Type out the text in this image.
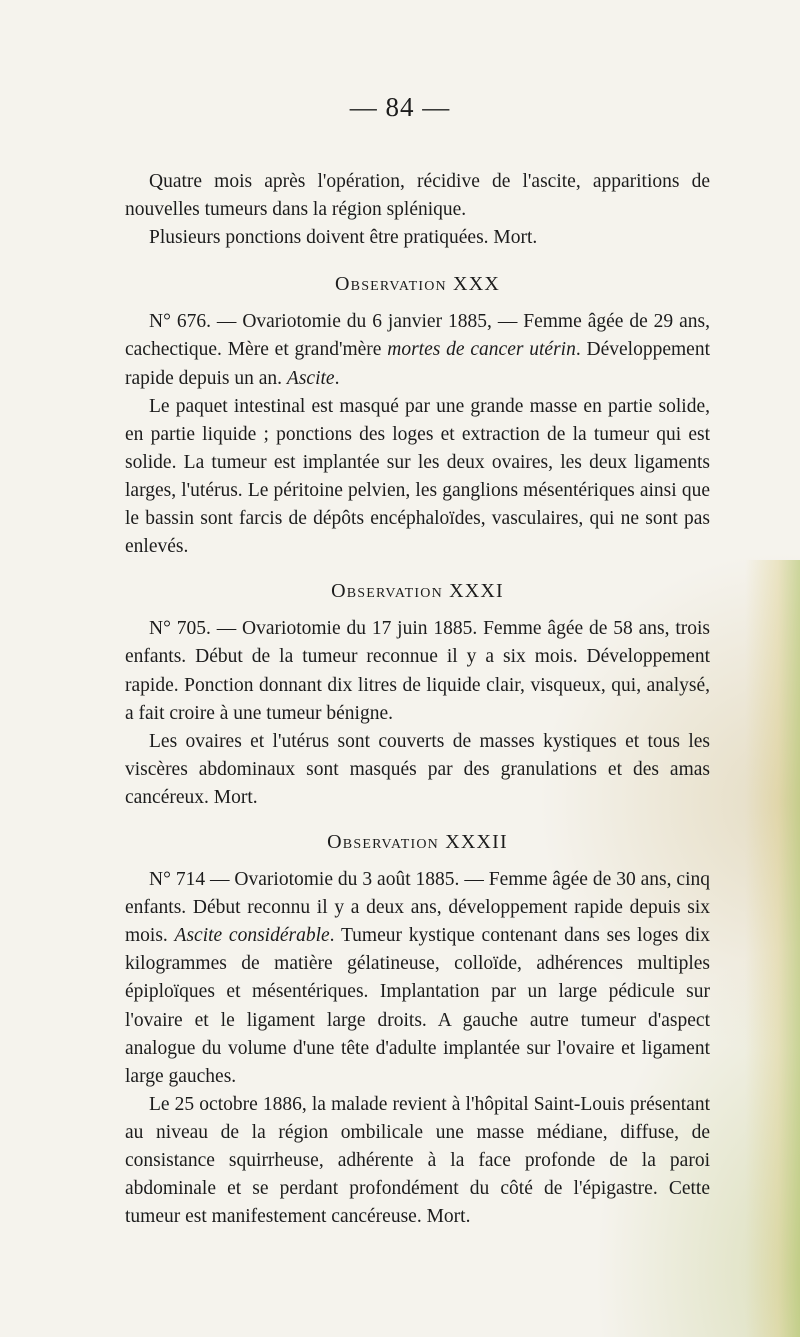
— 84 —

Quatre mois après l'opération, récidive de l'ascite, apparitions de nouvelles tumeurs dans la région splénique.

Plusieurs ponctions doivent être pratiquées. Mort.

Observation XXX

N° 676. — Ovariotomie du 6 janvier 1885, — Femme âgée de 29 ans, cachectique. Mère et grand'mère mortes de cancer utérin. Développement rapide depuis un an. Ascite.

Le paquet intestinal est masqué par une grande masse en partie solide, en partie liquide ; ponctions des loges et extraction de la tumeur qui est solide. La tumeur est implantée sur les deux ovaires, les deux ligaments larges, l'utérus. Le péritoine pelvien, les ganglions mésentériques ainsi que le bassin sont farcis de dépôts encéphaloïdes, vasculaires, qui ne sont pas enlevés.

Observation XXXI

N° 705. — Ovariotomie du 17 juin 1885. Femme âgée de 58 ans, trois enfants. Début de la tumeur reconnue il y a six mois. Développement rapide. Ponction donnant dix litres de liquide clair, visqueux, qui, analysé, a fait croire à une tumeur bénigne.

Les ovaires et l'utérus sont couverts de masses kystiques et tous les viscères abdominaux sont masqués par des granulations et des amas cancéreux. Mort.

Observation XXXII

N° 714 — Ovariotomie du 3 août 1885. — Femme âgée de 30 ans, cinq enfants. Début reconnu il y a deux ans, développement rapide depuis six mois. Ascite considérable. Tumeur kystique contenant dans ses loges dix kilogrammes de matière gélatineuse, colloïde, adhérences multiples épiploïques et mésentériques. Implantation par un large pédicule sur l'ovaire et le ligament large droits. A gauche autre tumeur d'aspect analogue du volume d'une tête d'adulte implantée sur l'ovaire et ligament large gauches.

Le 25 octobre 1886, la malade revient à l'hôpital Saint-Louis présentant au niveau de la région ombilicale une masse médiane, diffuse, de consistance squirrheuse, adhérente à la face profonde de la paroi abdominale et se perdant profondément du côté de l'épigastre. Cette tumeur est manifestement cancéreuse. Mort.
